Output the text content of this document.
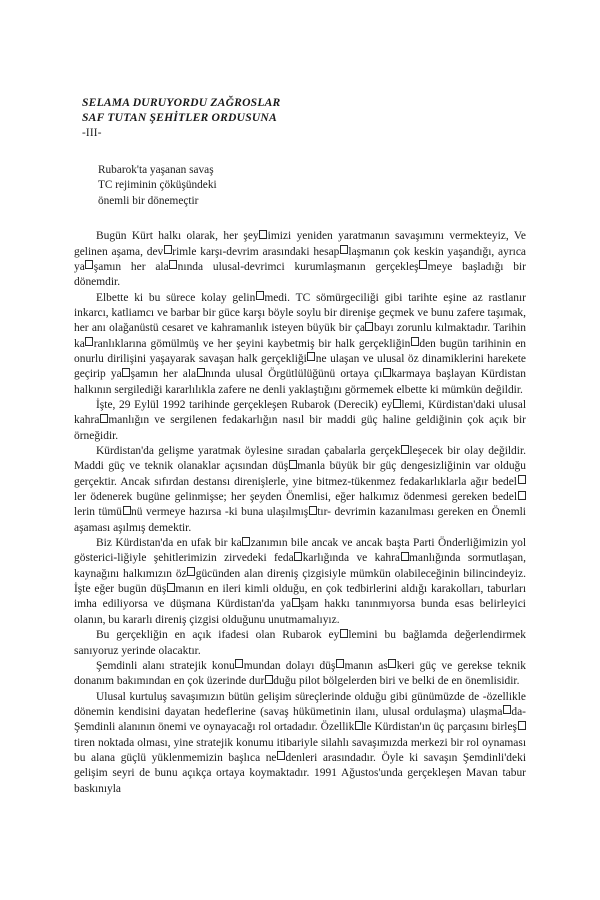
SELAMA DURUYORDU ZAĞROSLAR
SAF TUTAN ŞEHİTLER ORDUSUNA
-III-
Rubarok'ta yaşanan savaş
TC rejiminin çöküşündeki
önemli bir dönemeçtir

Bugün Kürt halkı olarak, her şey imizi yeniden yaratmanın savaşımını vermekteyiz, Ve gelinen aşama, dev rimle karşı-devrim arasındaki hesap laşmanın çok keskin yaşandığı, ayrıca ya şamın her ala nında ulusal-devrimci kurumlaşmanın gerçekleş meye başladığı bir dönemdir.

Elbette ki bu sürece kolay gelin medi. TC sömürgeciliği gibi tarihte eşine az rastlanır inkarcı, katliamcı ve barbar bir güce karşı böyle soylu bir direnişe geçmek ve bunu zafere taşımak, her anı olağanüstü cesaret ve kahramanlık isteyen büyük bir ça bayı zorunlu kılmaktadır. Tarihin ka ranlıklarına gömülmüş ve her şeyini kaybetmiş bir halk gerçekliğin den bugün tarihinin en onurlu dirilişini yaşayarak savaşan halk gerçekliği ne ulaşan ve ulusal öz dinamiklerini harekete geçirip ya şamın her ala nında ulusal Örgütlülüğünü ortaya çı karmaya başlayan Kürdistan halkının sergilediği kararlılıkla zafere ne denli yaklaştığını görmemek elbette ki mümkün değildir.

İşte, 29 Eylül 1992 tarihinde gerçekleşen Rubarok (Derecik) ey lemi, Kürdistan'daki ulusal kahra manlığın ve sergilenen fedakarlığın nasıl bir maddi güç haline geldiğinin çok açık bir örneğidir.

Kürdistan'da gelişme yaratmak öylesine sıradan çabalarla gerçek leşecek bir olay değildir. Maddi güç ve teknik olanaklar açısından düş manla büyük bir güç dengesizliğinin var olduğu gerçektir. Ancak sıfırdan destansı direnişlerle, yine bitmez-tükenmez fedakarlıklarla ağır bedeller ödenerek bugüne gelinmişse; her şeyden Önemlisi, eğer halkımız ödenmesi gereken bedellerin tümü nü vermeye hazırsa -ki buna ulaşılmış tır- devrimin kazanılması gereken en Önemli aşaması aşılmış demektir.

Biz Kürdistan'da en ufak bir ka zanımın bile ancak ve ancak başta Parti Önderliğimizin yol gösterici-liğiyle şehitlerimizin zirvedeki feda karlığında ve kahra manlığında sormutlaşan, kaynağını halkımızın öz gücünden alan direniş çizgisiyle mümkün olabileceğinin bilincindeyiz. İşte eğer bugün düş manın en ileri kimli olduğu, en çok tedbirlerini aldığı karakolları, taburları imha ediliyorsa ve düşmana Kürdistan'da ya şam hakkı tanınmıyorsa bunda esas belirleyici olanın, bu kararlı direniş çizgisi olduğunu unutmamalıyız.

Bu gerçekliğin en açık ifadesi olan Rubarok ey lemini bu bağlamda değerlendirmek sanıyoruz yerinde olacaktır.

Şemdinli alanı stratejik konu mundan dolayı düş manın as keri güç ve gerekse teknik donanım bakımından en çok üzerinde dur duğu pilot bölgelerden biri ve belki de en önemlisidir.

Ulusal kurtuluş savaşımızın bütün gelişim süreçlerinde olduğu gibi günümüzde de -özellikle dönemin kendisini dayatan hedeflerine (savaş hükümetinin ilanı, ulusal ordulaşma) ulaşma da- Şemdinli alanının önemi ve oynayacağı rol ortadadır. Özellik le Kürdistan'ın üç parçasını birleştiren noktada olması, yine stratejik konumu itibariyle silahlı savaşımızda merkezi bir rol oynaması bu alana güçlü yüklenmemizin başlıca ne denleri arasındadır. Öyle ki savaşın Şemdinli'deki gelişim seyri de bunu açıkça ortaya koymaktadır. 1991 Ağustos'unda gerçekleşen Mavan tabur baskınıyla
